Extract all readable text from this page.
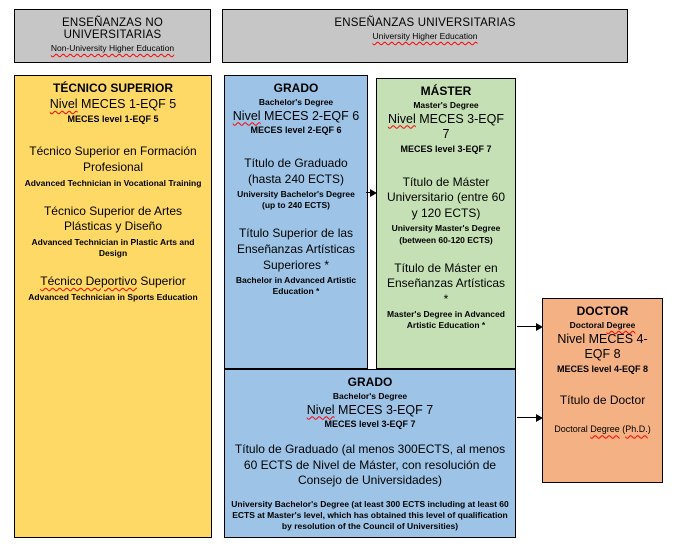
ENSEÑANZAS NO UNIVERSITARIAS
Non-University Higher Education
ENSEÑANZAS UNIVERSITARIAS
University Higher Education
TÉCNICO SUPERIOR
Nivel MECES 1-EQF 5
MECES level 1-EQF 5
Técnico Superior en Formación Profesional
Advanced Technician in Vocational Training
Técnico Superior de Artes Plásticas y Diseño
Advanced Technician in Plastic Arts and Design
Técnico Deportivo Superior
Advanced Technician in Sports Education
GRADO
Bachelor's Degree
Nivel MECES 2-EQF 6
MECES level 2-EQF 6
Título de Graduado (hasta 240 ECTS)
University Bachelor's Degree (up to 240 ECTS)
Título Superior de las Enseñanzas Artísticas Superiores *
Bachelor in Advanced Artistic Education *
MÁSTER
Master's Degree
Nivel MECES 3-EQF 7
MECES level 3-EQF 7
Título de Máster Universitario (entre 60 y 120 ECTS)
University Master's Degree (between 60-120 ECTS)
Título de Máster en Enseñanzas Artísticas *
Master's Degree in Advanced Artistic Education *
GRADO
Bachelor's Degree
Nivel MECES 3-EQF 7
MECES level 3-EQF 7
Título de Graduado (al menos 300ECTS, al menos 60 ECTS de Nivel de Máster, con resolución de Consejo de Universidades)
University Bachelor's Degree (at least 300 ECTS including at least 60 ECTS at Master's level, which has obtained this level of qualification by resolution of the Council of Universities)
DOCTOR
Doctoral Degree
Nivel MECES 4-EQF 8
MECES level 4-EQF 8
Título de Doctor
Doctoral Degree (Ph.D.)
